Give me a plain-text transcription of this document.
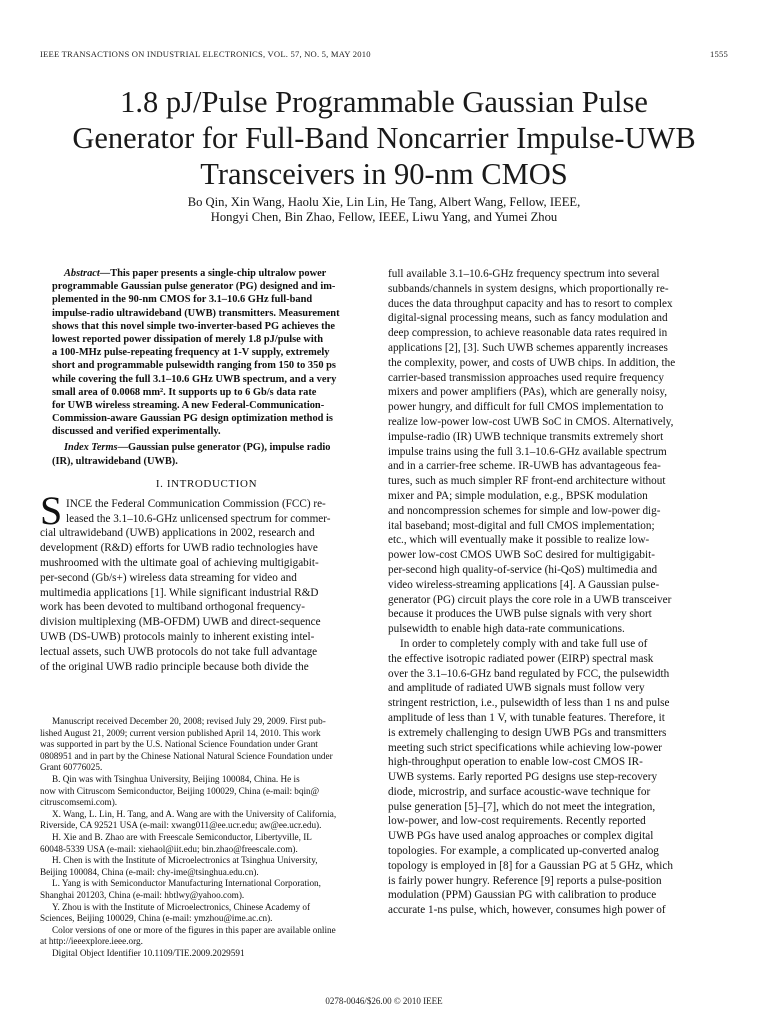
IEEE TRANSACTIONS ON INDUSTRIAL ELECTRONICS, VOL. 57, NO. 5, MAY 2010	1555
1.8 pJ/Pulse Programmable Gaussian Pulse
Generator for Full-Band Noncarrier Impulse-UWB
Transceivers in 90-nm CMOS
Bo Qin, Xin Wang, Haolu Xie, Lin Lin, He Tang, Albert Wang, Fellow, IEEE,
Hongyi Chen, Bin Zhao, Fellow, IEEE, Liwu Yang, and Yumei Zhou
Abstract—This paper presents a single-chip ultralow power
programmable Gaussian pulse generator (PG) designed and im-
plemented in the 90-nm CMOS for 3.1–10.6 GHz full-band
impulse-radio ultrawideband (UWB) transmitters. Measurement
shows that this novel simple two-inverter-based PG achieves the
lowest reported power dissipation of merely 1.8 pJ/pulse with
a 100-MHz pulse-repeating frequency at 1-V supply, extremely
short and programmable pulsewidth ranging from 150 to 350 ps
while covering the full 3.1–10.6 GHz UWB spectrum, and a very
small area of 0.0068 mm². It supports up to 6 Gb/s data rate
for UWB wireless streaming. A new Federal-Communication-
Commission-aware Gaussian PG design optimization method is
discussed and verified experimentally.
Index Terms—Gaussian pulse generator (PG), impulse radio
(IR), ultrawideband (UWB).
I. INTRODUCTION
S INCE the Federal Communication Commission (FCC) re-
leased the 3.1–10.6-GHz unlicensed spectrum for commer-
cial ultrawideband (UWB) applications in 2002, research and
development (R&D) efforts for UWB radio technologies have
mushroomed with the ultimate goal of achieving multigigabit-
per-second (Gb/s+) wireless data streaming for video and
multimedia applications [1]. While significant industrial R&D
work has been devoted to multiband orthogonal frequency-
division multiplexing (MB-OFDM) UWB and direct-sequence
UWB (DS-UWB) protocols mainly to inherent existing intel-
lectual assets, such UWB protocols do not take full advantage
of the original UWB radio principle because both divide the
Manuscript received December 20, 2008; revised July 29, 2009. First pub-
lished August 21, 2009; current version published April 14, 2010. This work
was supported in part by the U.S. National Science Foundation under Grant
0808951 and in part by the Chinese National Natural Science Foundation under
Grant 60776025.
B. Qin was with Tsinghua University, Beijing 100084, China. He is
now with Citruscom Semiconductor, Beijing 100029, China (e-mail: bqin@
citruscomsemi.com).
X. Wang, L. Lin, H. Tang, and A. Wang are with the University of California,
Riverside, CA 92521 USA (e-mail: xwang011@ee.ucr.edu; aw@ee.ucr.edu).
H. Xie and B. Zhao are with Freescale Semiconductor, Libertyville, IL
60048-5339 USA (e-mail: xiehaol@iit.edu; bin.zhao@freescale.com).
H. Chen is with the Institute of Microelectronics at Tsinghua University,
Beijing 100084, China (e-mail: chy-ime@tsinghua.edu.cn).
L. Yang is with Semiconductor Manufacturing International Corporation,
Shanghai 201203, China (e-mail: hbtlwy@yahoo.com).
Y. Zhou is with the Institute of Microelectronics, Chinese Academy of
Sciences, Beijing 100029, China (e-mail: ymzhou@ime.ac.cn).
Color versions of one or more of the figures in this paper are available online
at http://ieeexplore.ieee.org.
Digital Object Identifier 10.1109/TIE.2009.2029591
full available 3.1–10.6-GHz frequency spectrum into several
subbands/channels in system designs, which proportionally re-
duces the data throughput capacity and has to resort to complex
digital-signal processing means, such as fancy modulation and
deep compression, to achieve reasonable data rates required in
applications [2], [3]. Such UWB schemes apparently increases
the complexity, power, and costs of UWB chips. In addition, the
carrier-based transmission approaches used require frequency
mixers and power amplifiers (PAs), which are generally noisy,
power hungry, and difficult for full CMOS implementation to
realize low-power low-cost UWB SoC in CMOS. Alternatively,
impulse-radio (IR) UWB technique transmits extremely short
impulse trains using the full 3.1–10.6-GHz available spectrum
and in a carrier-free scheme. IR-UWB has advantageous fea-
tures, such as much simpler RF front-end architecture without
mixer and PA; simple modulation, e.g., BPSK modulation
and noncompression schemes for simple and low-power dig-
ital baseband; most-digital and full CMOS implementation;
etc., which will eventually make it possible to realize low-
power low-cost CMOS UWB SoC desired for multigigabit-
per-second high quality-of-service (hi-QoS) multimedia and
video wireless-streaming applications [4]. A Gaussian pulse-
generator (PG) circuit plays the core role in a UWB transceiver
because it produces the UWB pulse signals with very short
pulsewidth to enable high data-rate communications.
In order to completely comply with and take full use of
the effective isotropic radiated power (EIRP) spectral mask
over the 3.1–10.6-GHz band regulated by FCC, the pulsewidth
and amplitude of radiated UWB signals must follow very
stringent restriction, i.e., pulsewidth of less than 1 ns and pulse
amplitude of less than 1 V, with tunable features. Therefore, it
is extremely challenging to design UWB PGs and transmitters
meeting such strict specifications while achieving low-power
high-throughput operation to enable low-cost CMOS IR-
UWB systems. Early reported PG designs use step-recovery
diode, microstrip, and surface acoustic-wave technique for
pulse generation [5]–[7], which do not meet the integration,
low-power, and low-cost requirements. Recently reported
UWB PGs have used analog approaches or complex digital
topologies. For example, a complicated up-converted analog
topology is employed in [8] for a Gaussian PG at 5 GHz, which
is fairly power hungry. Reference [9] reports a pulse-position
modulation (PPM) Gaussian PG with calibration to produce
accurate 1-ns pulse, which, however, consumes high power of
0278-0046/$26.00 © 2010 IEEE
